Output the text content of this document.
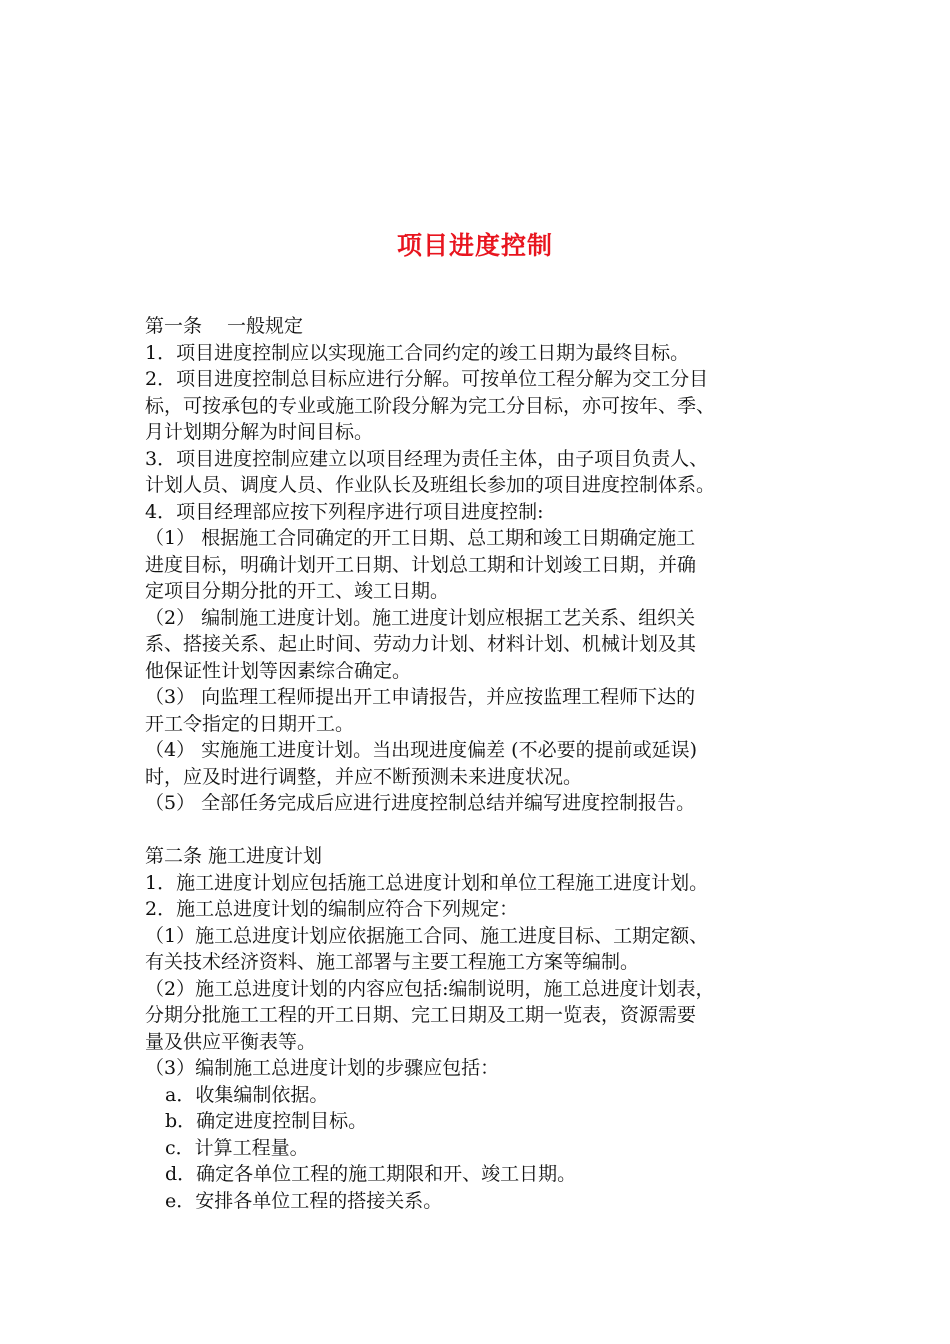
项目进度控制
第一条　 一般规定
1．项目进度控制应以实现施工合同约定的竣工日期为最终目标。
2．项目进度控制总目标应进行分解。可按单位工程分解为交工分目
标，可按承包的专业或施工阶段分解为完工分目标，亦可按年、季、
月计划期分解为时间目标。
3．项目进度控制应建立以项目经理为责任主体，由子项目负责人、
计划人员、调度人员、作业队长及班组长参加的项目进度控制体系。
4．项目经理部应按下列程序进行项目进度控制:
（1） 根据施工合同确定的开工日期、总工期和竣工日期确定施工
进度目标，明确计划开工日期、计划总工期和计划竣工日期，并确
定项目分期分批的开工、竣工日期。
（2） 编制施工进度计划。施工进度计划应根据工艺关系、组织关
系、搭接关系、起止时间、劳动力计划、材料计划、机械计划及其
他保证性计划等因素综合确定。
（3） 向监理工程师提出开工申请报告，并应按监理工程师下达的
开工令指定的日期开工。
（4） 实施施工进度计划。当出现进度偏差 (不必要的提前或延误)
时，应及时进行调整，并应不断预测未来进度状况。
（5） 全部任务完成后应进行进度控制总结并编写进度控制报告。
第二条 施工进度计划
1．施工进度计划应包括施工总进度计划和单位工程施工进度计划。
2．施工总进度计划的编制应符合下列规定：
（1）施工总进度计划应依据施工合同、施工进度目标、工期定额、
有关技术经济资料、施工部署与主要工程施工方案等编制。
（2）施工总进度计划的内容应包括:编制说明，施工总进度计划表，
分期分批施工工程的开工日期、完工日期及工期一览表，资源需要
量及供应平衡表等。
（3）编制施工总进度计划的步骤应包括：
a．收集编制依据。
b．确定进度控制目标。
c．计算工程量。
d．确定各单位工程的施工期限和开、竣工日期。
e．安排各单位工程的搭接关系。
